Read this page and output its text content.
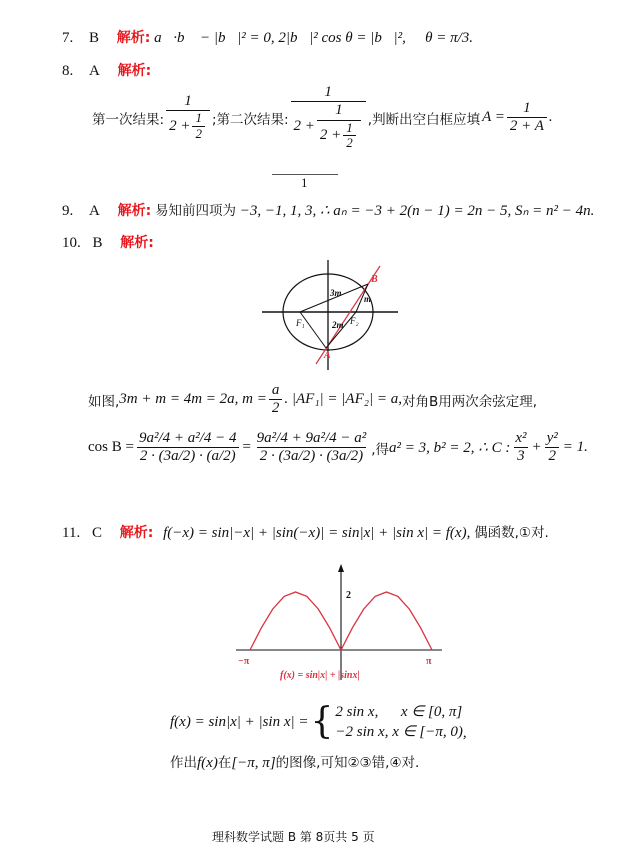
7. B 解析: a⃗·b⃗ − |b⃗|² = 0, 2|b⃗|² cos θ = |b⃗|², ∴ θ = π/3.
8. A 解析:
第一次结果: $\frac{1}{2 + \frac{1}{2}}$ ;第二次结果:
1
$2 + \frac{1}{2 + \frac{1}{2}}$ ,判断出空白框应填 $A = \frac{1}{2 + A}$ .
1
9. A 解析: 易知前四项为 −3, −1, 1, 3, ∴ aₙ = −3 + 2(n − 1) = 2n − 5, Sₙ = n² − 4n.
10. B 解析:
B
A
F₁	F₂
3m
m
2m
如图, 3m + m = 4m = 2a, $m = \frac{a}{2}$ . |AF₁| = |AF₂| = a, 对角B用两次余弦定理,
$\cos B = \frac{\text{9a²/4 + a²/4 − 4}}{2 \cdot (3a/2) \cdot (a/2)} = \frac{\text{9a²/4 + 9a²/4 − a²}}{2 \cdot (3a/2) \cdot (3a/2)}$ ,得 a² = 3, b² = 2, ∴ C : $\frac{\text{x²}}{3} + \frac{\text{y²}}{2} = 1$.
11. C 解析: f(−x) = sin|−x| + |sin(−x)| = sin|x| + |sin x| = f(x), 偶函数,①对.
−π	π
2
f(x) = sin|x| + |sinx|
f(x) = sin|x| + |sin x| = { 2 sin x,      x ∈ [0, π]
−2 sin x, x ∈ [−π, 0) ,
作出f(x)在[−π, π]的图像,可知②③错,④对.
理科数学试题 B 第 8页共 5 页
